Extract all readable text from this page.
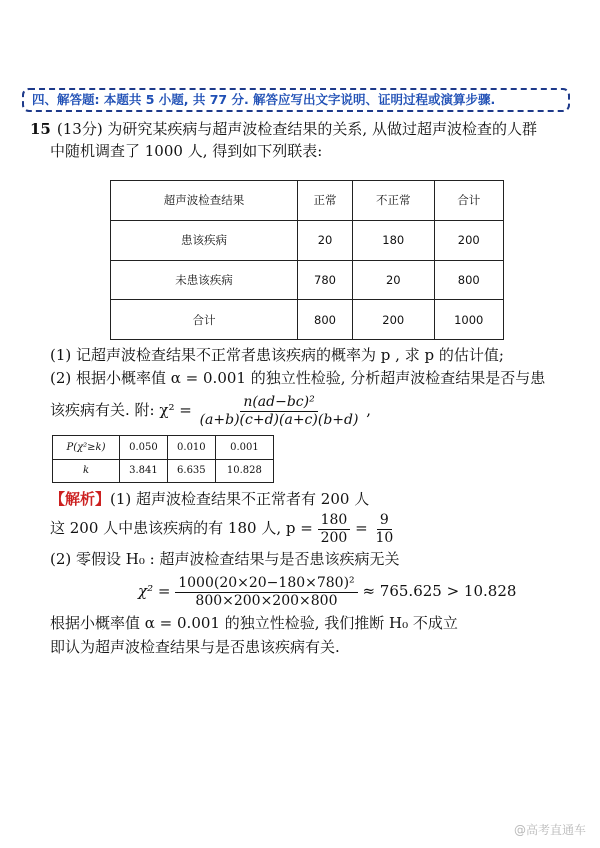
四、解答题: 本题共 5 小题, 共 77 分. 解答应写出文字说明、证明过程或演算步骤.
15 (13分) 为研究某疾病与超声波检查结果的关系, 从做过超声波检查的人群
中随机调查了 1000 人, 得到如下列联表:
超声波检查结果	正常	不正常	合计
患该疾病	20	180	200
未患该疾病	780	20	800
合计	800	200	1000
(1) 记超声波检查结果不正常者患该疾病的概率为 p , 求 p 的估计值;
(2) 根据小概率值 α = 0.001 的独立性检验, 分析超声波检查结果是否与患
该疾病有关. 附: $\chi^2 = \frac{\text{n(ad−bc)²}}{(a+b)(c+d)(a+c)(b+d)}$ ,
P(χ²≥k)	0.050	0.010	0.001
k	3.841	6.635	10.828
【解析】(1) 超声波检查结果不正常者有 200 人
这 200 人中患该疾病的有 180 人, $p = \frac{180}{200} = \frac{9}{10}$
(2) 零假设 H₀ : 超声波检查结果与是否患该疾病无关
$\chi^2 = \frac{\text{1000(20×20−180×780)²}}{800\times 200\times 200\times 800} \approx 765.625 > 10.828$
根据小概率值 α = 0.001 的独立性检验, 我们推断 H₀ 不成立
即认为超声波检查结果与是否患该疾病有关.
@高考直通车
